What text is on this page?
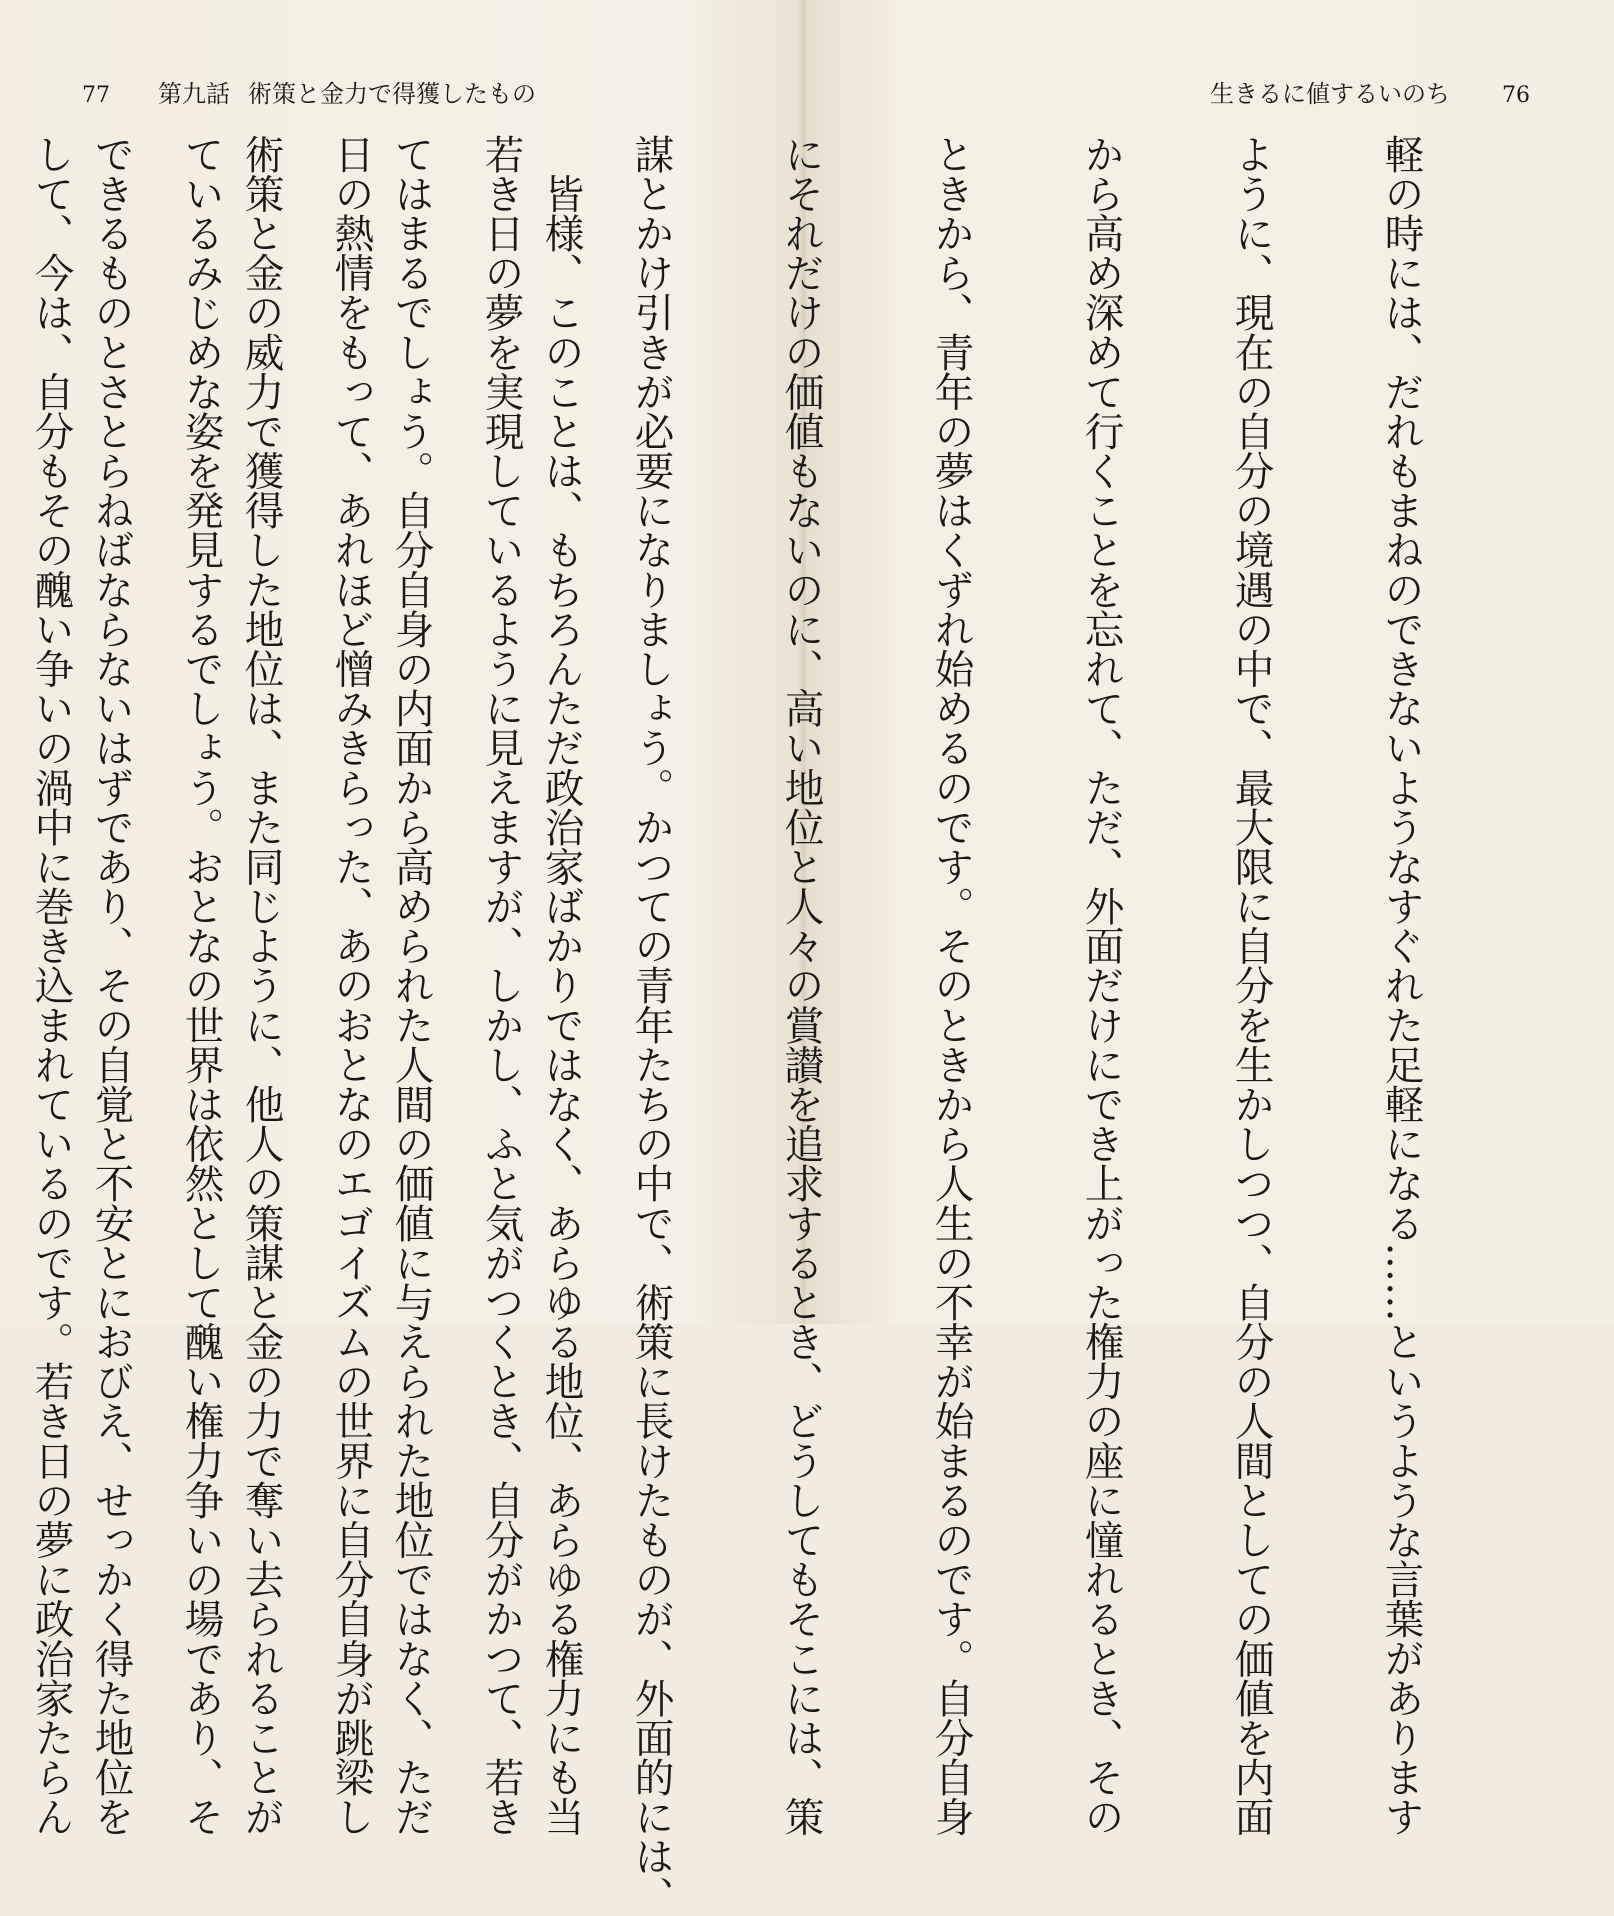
77 第九話 術策と金力で得獲したもの

　皆様、このことは、もちろんただ政治家ばかりではなく、あらゆる地位、あらゆる権力にも当

てはまるでしょう。自分自身の内面から高められた人間の価値に与えられた地位ではなく、ただ

術策と金の威力で獲得した地位は、また同じように、他人の策謀と金の力で奪い去られることが

できるものとさとらねばならないはずであり、その自覚と不安とにおびえ、せっかく得た地位を

生きるに値するいのち 76

軽の時には、だれもまねのできないようなすぐれた足軽になる……というような言葉があります

ように、現在の自分の境遇の中で、最大限に自分を生かしつつ、自分の人間としての価値を内面

から高め深めて行くことを忘れて、ただ、外面だけにでき上がった権力の座に憧れるとき、その

ときから、青年の夢はくずれ始めるのです。そのときから人生の不幸が始まるのです。自分自身

にそれだけの価値もないのに、高い地位と人々の賞讃を追求するとき、どうしてもそこには、策

謀とかけ引きが必要になりましょう。かつての青年たちの中で、術策に長けたものが、外面的には、

若き日の夢を実現しているように見えますが、しかし、ふと気がつくとき、自分がかつて、若き

日の熱情をもって、あれほど憎みきらった、あのおとなのエゴイズムの世界に自分自身が跳梁し

ているみじめな姿を発見するでしょう。おとなの世界は依然として醜い権力争いの場であり、そ

して、今は、自分もその醜い争いの渦中に巻き込まれているのです。若き日の夢に政治家たらん
